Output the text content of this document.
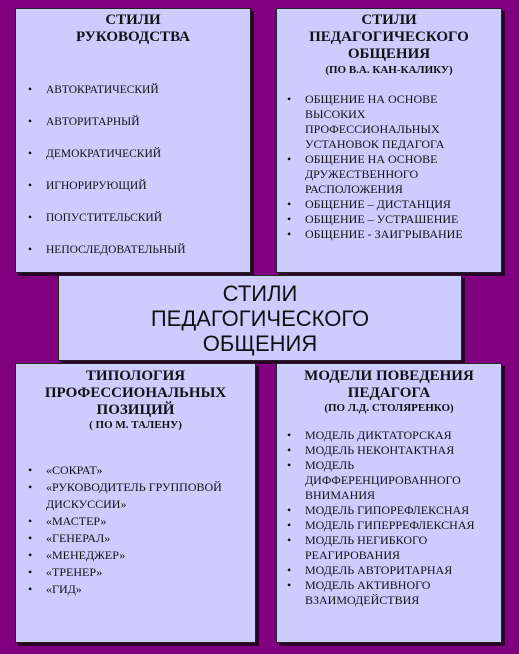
СТИЛИ РУКОВОДСТВА
• АВТОКРАТИЧЕСКИЙ
• АВТОРИТАРНЫЙ
• ДЕМОКРАТИЧЕСКИЙ
• ИГНОРИРУЮЩИЙ
• ПОПУСТИТЕЛЬСКИЙ
• НЕПОСЛЕДОВАТЕЛЬНЫЙ
СТИЛИ ПЕДАГОГИЧЕСКОГО ОБЩЕНИЯ
(ПО В.А. КАН-КАЛИКУ)
• ОБЩЕНИЕ НА ОСНОВЕ ВЫСОКИХ ПРОФЕССИОНАЛЬНЫХ УСТАНОВОК ПЕДАГОГА
• ОБЩЕНИЕ НА ОСНОВЕ ДРУЖЕСТВЕННОГО РАСПОЛОЖЕНИЯ
• ОБЩЕНИЕ – ДИСТАНЦИЯ
• ОБЩЕНИЕ – УСТРАШЕНИЕ
• ОБЩЕНИЕ - ЗАИГРЫВАНИЕ
СТИЛИ ПЕДАГОГИЧЕСКОГО ОБЩЕНИЯ
ТИПОЛОГИЯ ПРОФЕССИОНАЛЬНЫХ ПОЗИЦИЙ
( ПО М. ТАЛЕНУ)
• «СОКРАТ»
• «РУКОВОДИТЕЛЬ ГРУППОВОЙ ДИСКУССИИ»
• «МАСТЕР»
• «ГЕНЕРАЛ»
• «МЕНЕДЖЕР»
• «ТРЕНЕР»
• «ГИД»
МОДЕЛИ ПОВЕДЕНИЯ ПЕДАГОГА
(ПО Л.Д. СТОЛЯРЕНКО)
• МОДЕЛЬ ДИКТАТОРСКАЯ
• МОДЕЛЬ НЕКОНТАКТНАЯ
• МОДЕЛЬ ДИФФЕРЕНЦИРОВАННОГО ВНИМАНИЯ
• МОДЕЛЬ ГИПОРЕФЛЕКСНАЯ
• МОДЕЛЬ ГИПЕРРЕФЛЕКСНАЯ
• МОДЕЛЬ НЕГИБКОГО РЕАГИРОВАНИЯ
• МОДЕЛЬ АВТОРИТАРНАЯ
• МОДЕЛЬ АКТИВНОГО ВЗАИМОДЕЙСТВИЯ
